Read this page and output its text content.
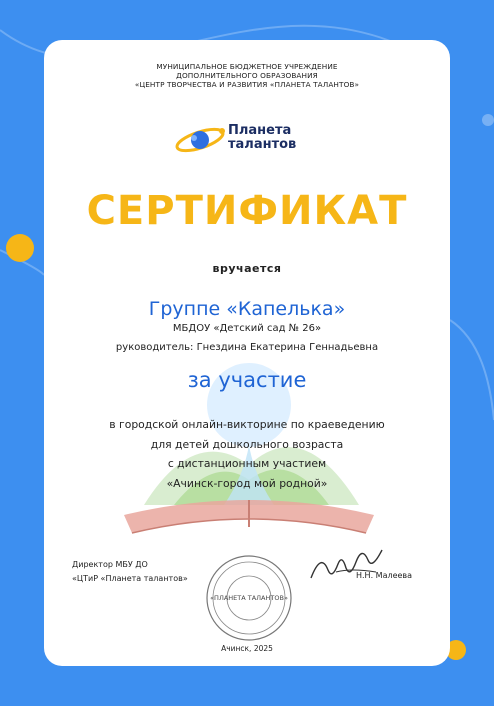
МУНИЦИПАЛЬНОЕ БЮДЖЕТНОЕ УЧРЕЖДЕНИЕ
ДОПОЛНИТЕЛЬНОГО ОБРАЗОВАНИЯ
«ЦЕНТР ТВОРЧЕСТВА И РАЗВИТИЯ «ПЛАНЕТА ТАЛАНТОВ»
Планета
талантов
СЕРТИФИКАТ
вручается
Группе «Капелька»
МБДОУ «Детский сад № 26»
руководитель: Гнездина Екатерина Геннадьевна
за участие
в городской онлайн-викторине по краеведению
для детей дошкольного возраста
с дистанционным участием
«Ачинск-город мой родной»
Директор МБУ ДО
«ЦТиР «Планета талантов»
«ПЛАНЕТА ТАЛАНТОВ»
Н.Н. Малеева
Ачинск, 2025
